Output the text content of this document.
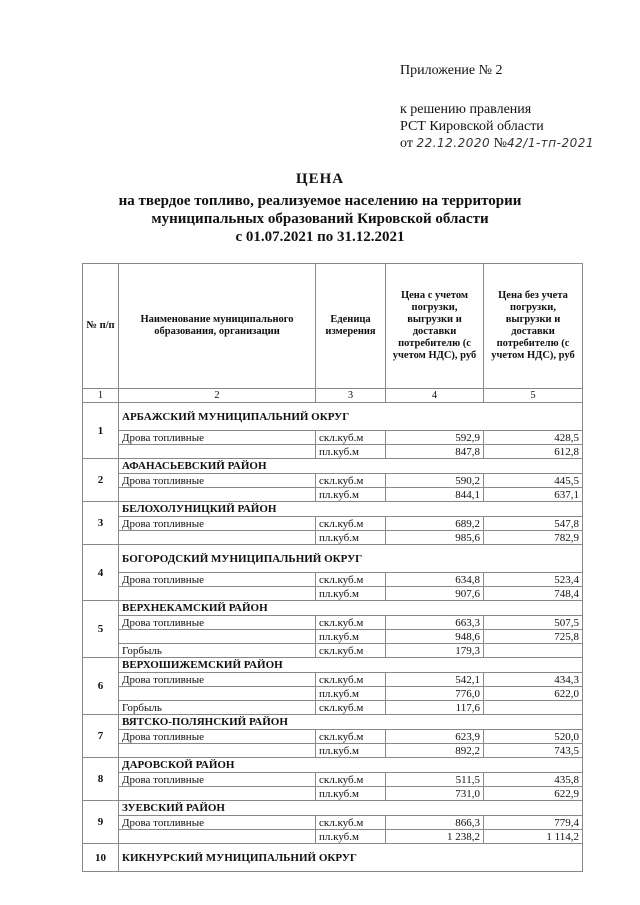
Приложение № 2
к решению правления
РСТ Кировской области
от 22.12.2020 №42/1-тп-2021
ЦЕНА
на твердое топливо, реализуемое населению на территории
муниципальных образований Кировской области
с 01.07.2021 по 31.12.2021
№ п/п	Наименование муниципального образования, организации	Еденица измерения	Цена с учетом погрузки, выгрузки и доставки потребителю (с учетом НДС), руб	Цена без учета погрузки, выгрузки и доставки потребителю (с учетом НДС), руб
1	2	3	4	5
1	АРБАЖСКИЙ МУНИЦИПАЛЬНИЙ ОКРУГ			
	Дрова топливные	скл.куб.м	592,9	428,5
		пл.куб.м	847,8	612,8
2	АФАНАСЬЕВСКИЙ РАЙОН			
	Дрова топливные	скл.куб.м	590,2	445,5
		пл.куб.м	844,1	637,1
3	БЕЛОХОЛУНИЦКИЙ РАЙОН			
	Дрова топливные	скл.куб.м	689,2	547,8
		пл.куб.м	985,6	782,9
4	БОГОРОДСКИЙ МУНИЦИПАЛЬНИЙ ОКРУГ			
	Дрова топливные	скл.куб.м	634,8	523,4
		пл.куб.м	907,6	748,4
5	ВЕРХНЕКАМСКИЙ РАЙОН			
	Дрова топливные	скл.куб.м	663,3	507,5
		пл.куб.м	948,6	725,8
	Горбыль	скл.куб.м	179,3	
6	ВЕРХОШИЖЕМСКИЙ РАЙОН			
	Дрова топливные	скл.куб.м	542,1	434,3
		пл.куб.м	776,0	622,0
	Горбыль	скл.куб.м	117,6	
7	ВЯТСКО-ПОЛЯНСКИЙ РАЙОН			
	Дрова топливные	скл.куб.м	623,9	520,0
		пл.куб.м	892,2	743,5
8	ДАРОВСКОЙ РАЙОН			
	Дрова топливные	скл.куб.м	511,5	435,8
		пл.куб.м	731,0	622,9
9	ЗУЕВСКИЙ РАЙОН			
	Дрова топливные	скл.куб.м	866,3	779,4
		пл.куб.м	1 238,2	1 114,2
10	КИКНУРСКИЙ МУНИЦИПАЛЬНИЙ ОКРУГ			
